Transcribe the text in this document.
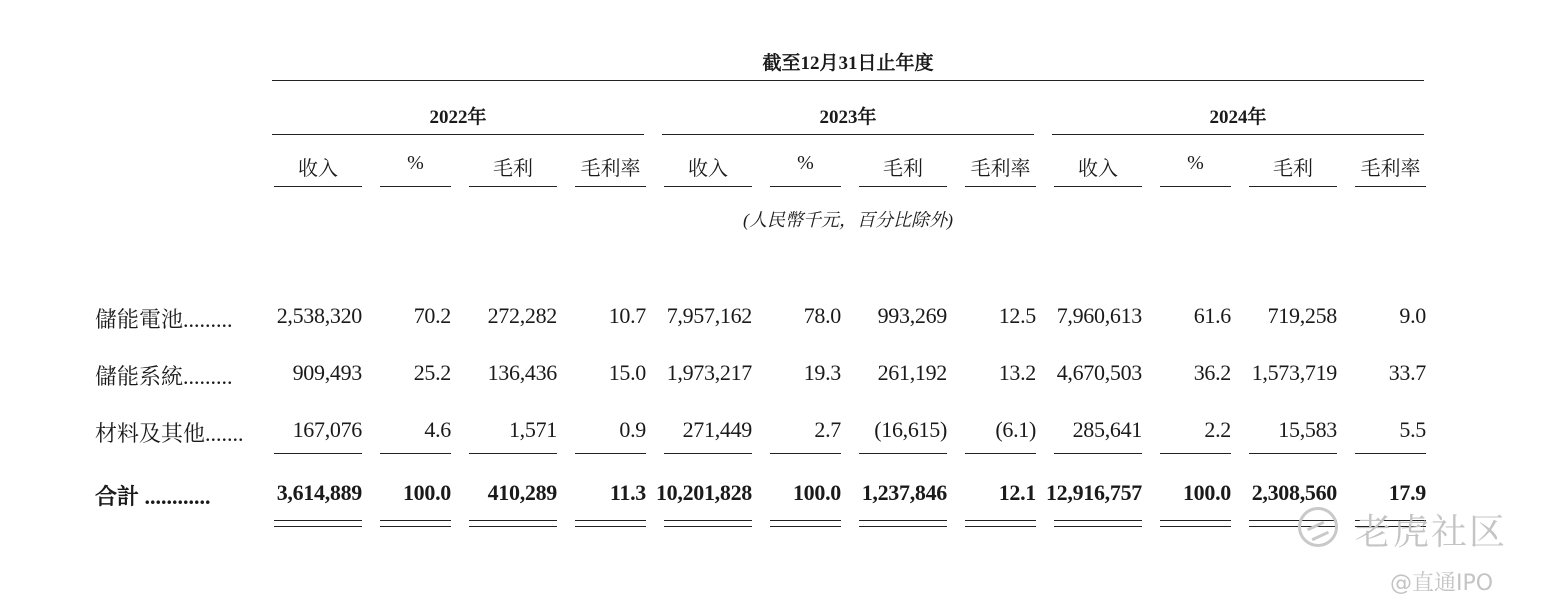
截至12月31日止年度
2022年	2023年	2024年
收入	%	毛利	毛利率	收入	%	毛利	毛利率	收入	%	毛利	毛利率
(人民幣千元，百分比除外)
儲能電池.........	2,538,320	70.2	272,282	10.7 7,957,162	78.0	993,269	12.5 7,960,613	61.6	719,258	9.0
儲能系統.........	909,493	25.2	136,436	15.0 1,973,217	19.3	261,192	13.2 4,670,503	36.2 1,573,719	33.7
材料及其他.......	167,076	4.6	1,571	0.9	271,449	2.7	(16,615)	(6.1)	285,641	2.2	15,583	5.5
合計 ............	3,614,889	100.0	410,289	11.3 10,201,828	100.0 1,237,846	12.1 12,916,757	100.0 2,308,560	17.9
老虎社区
@直通IPO
